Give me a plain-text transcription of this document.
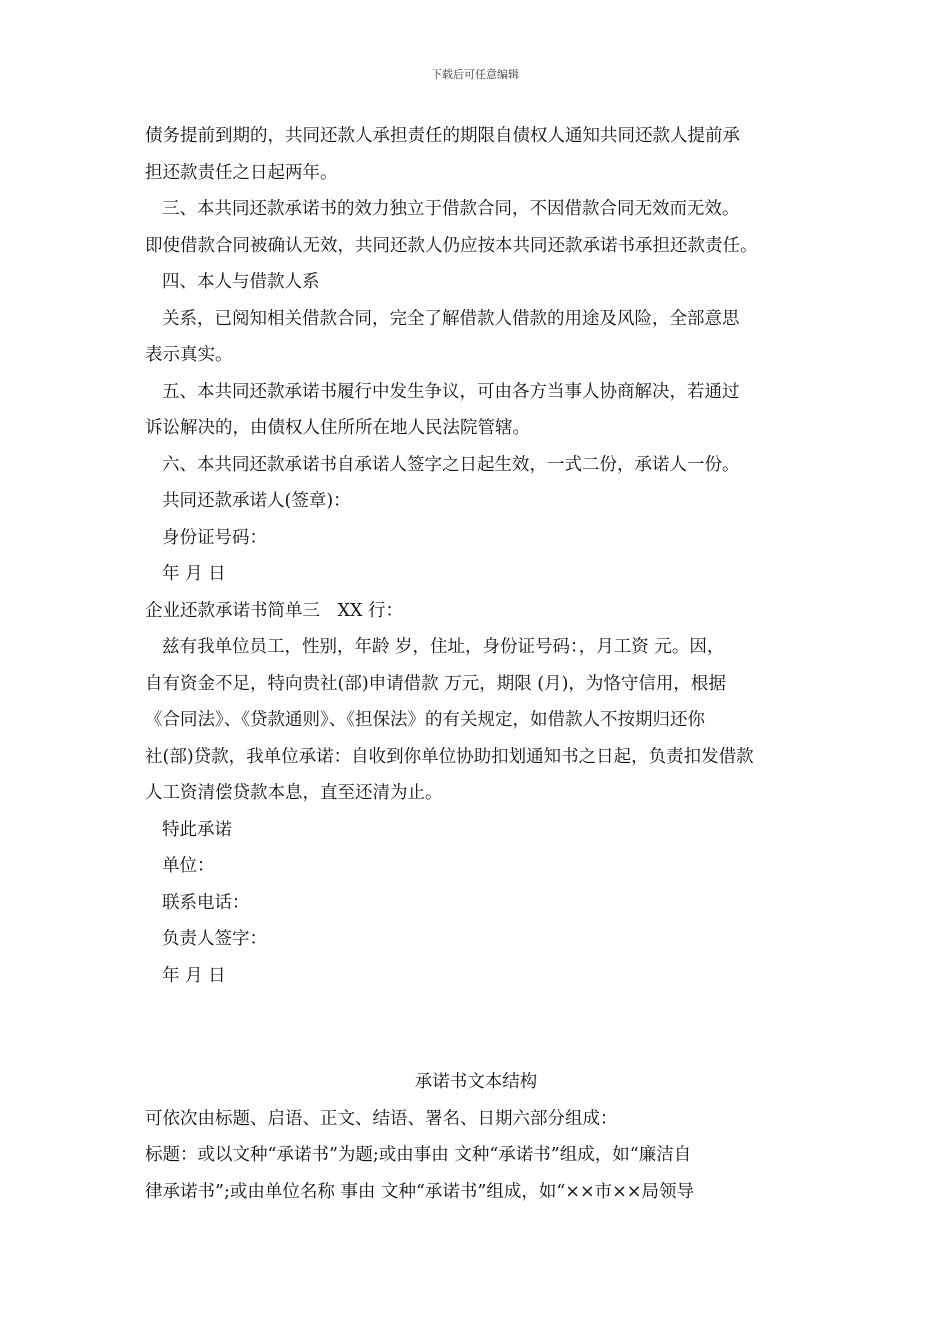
下载后可任意编辑
债务提前到期的，共同还款人承担责任的期限自债权人通知共同还款人提前承
担还款责任之日起两年。
三、本共同还款承诺书的效力独立于借款合同，不因借款合同无效而无效。
即使借款合同被确认无效，共同还款人仍应按本共同还款承诺书承担还款责任。
四、本人与借款人系
关系，已阅知相关借款合同，完全了解借款人借款的用途及风险，全部意思
表示真实。
五、本共同还款承诺书履行中发生争议，可由各方当事人协商解决，若通过
诉讼解决的，由债权人住所所在地人民法院管辖。
六、本共同还款承诺书自承诺人签字之日起生效，一式二份，承诺人一份。
共同还款承诺人(签章)：
身份证号码：
年 月 日
企业还款承诺书简单三　XX 行：
兹有我单位员工，性别，年龄 岁，住址，身份证号码：，月工资 元。因，
自有资金不足，特向贵社(部)申请借款 万元，期限 (月)，为恪守信用，根据
《合同法》、《贷款通则》、《担保法》的有关规定，如借款人不按期归还你
社(部)贷款，我单位承诺：自收到你单位协助扣划通知书之日起，负责扣发借款
人工资清偿贷款本息，直至还清为止。
特此承诺
单位：
联系电话：
负责人签字：
年 月 日
承诺书文本结构
可依次由标题、启语、正文、结语、署名、日期六部分组成：
标题：或以文种“承诺书”为题;或由事由 文种“承诺书”组成，如“廉洁自
律承诺书”;或由单位名称 事由 文种“承诺书”组成，如“××市××局领导
